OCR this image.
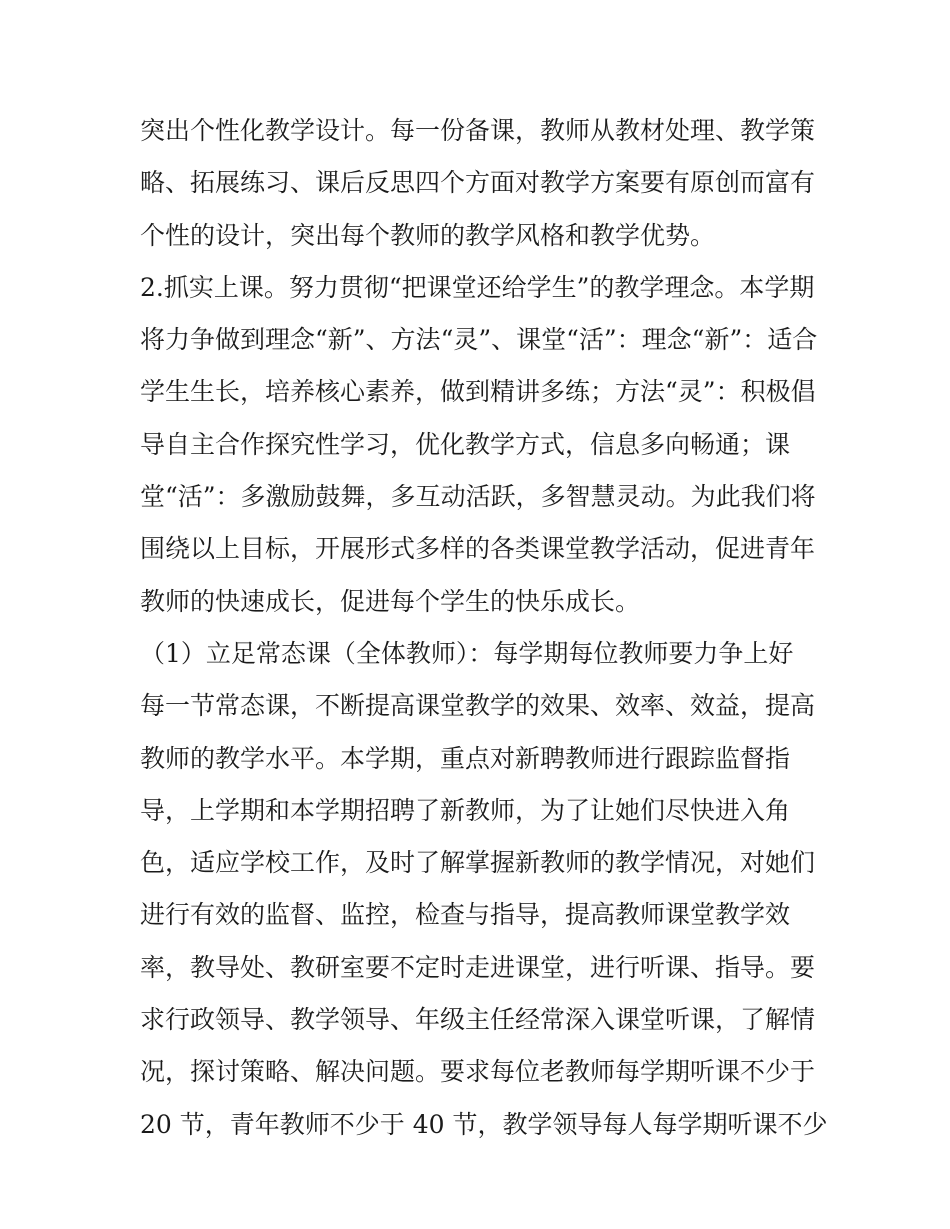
突出个性化教学设计。每一份备课，教师从教材处理、教学策
略、拓展练习、课后反思四个方面对教学方案要有原创而富有
个性的设计，突出每个教师的教学风格和教学优势。
2.抓实上课。努力贯彻“把课堂还给学生”的教学理念。本学期
将力争做到理念“新”、方法“灵”、课堂“活”：理念“新”：适合
学生生长，培养核心素养，做到精讲多练；方法“灵”：积极倡
导自主合作探究性学习，优化教学方式，信息多向畅通；课
堂“活”：多激励鼓舞，多互动活跃，多智慧灵动。为此我们将
围绕以上目标，开展形式多样的各类课堂教学活动，促进青年
教师的快速成长，促进每个学生的快乐成长。
（1）立足常态课（全体教师）：每学期每位教师要力争上好
每一节常态课，不断提高课堂教学的效果、效率、效益，提高
教师的教学水平。本学期，重点对新聘教师进行跟踪监督指
导，上学期和本学期招聘了新教师，为了让她们尽快进入角
色，适应学校工作，及时了解掌握新教师的教学情况，对她们
进行有效的监督、监控，检查与指导，提高教师课堂教学效
率，教导处、教研室要不定时走进课堂，进行听课、指导。要
求行政领导、教学领导、年级主任经常深入课堂听课，了解情
况，探讨策略、解决问题。要求每位老教师每学期听课不少于
20 节，青年教师不少于 40 节，教学领导每人每学期听课不少
